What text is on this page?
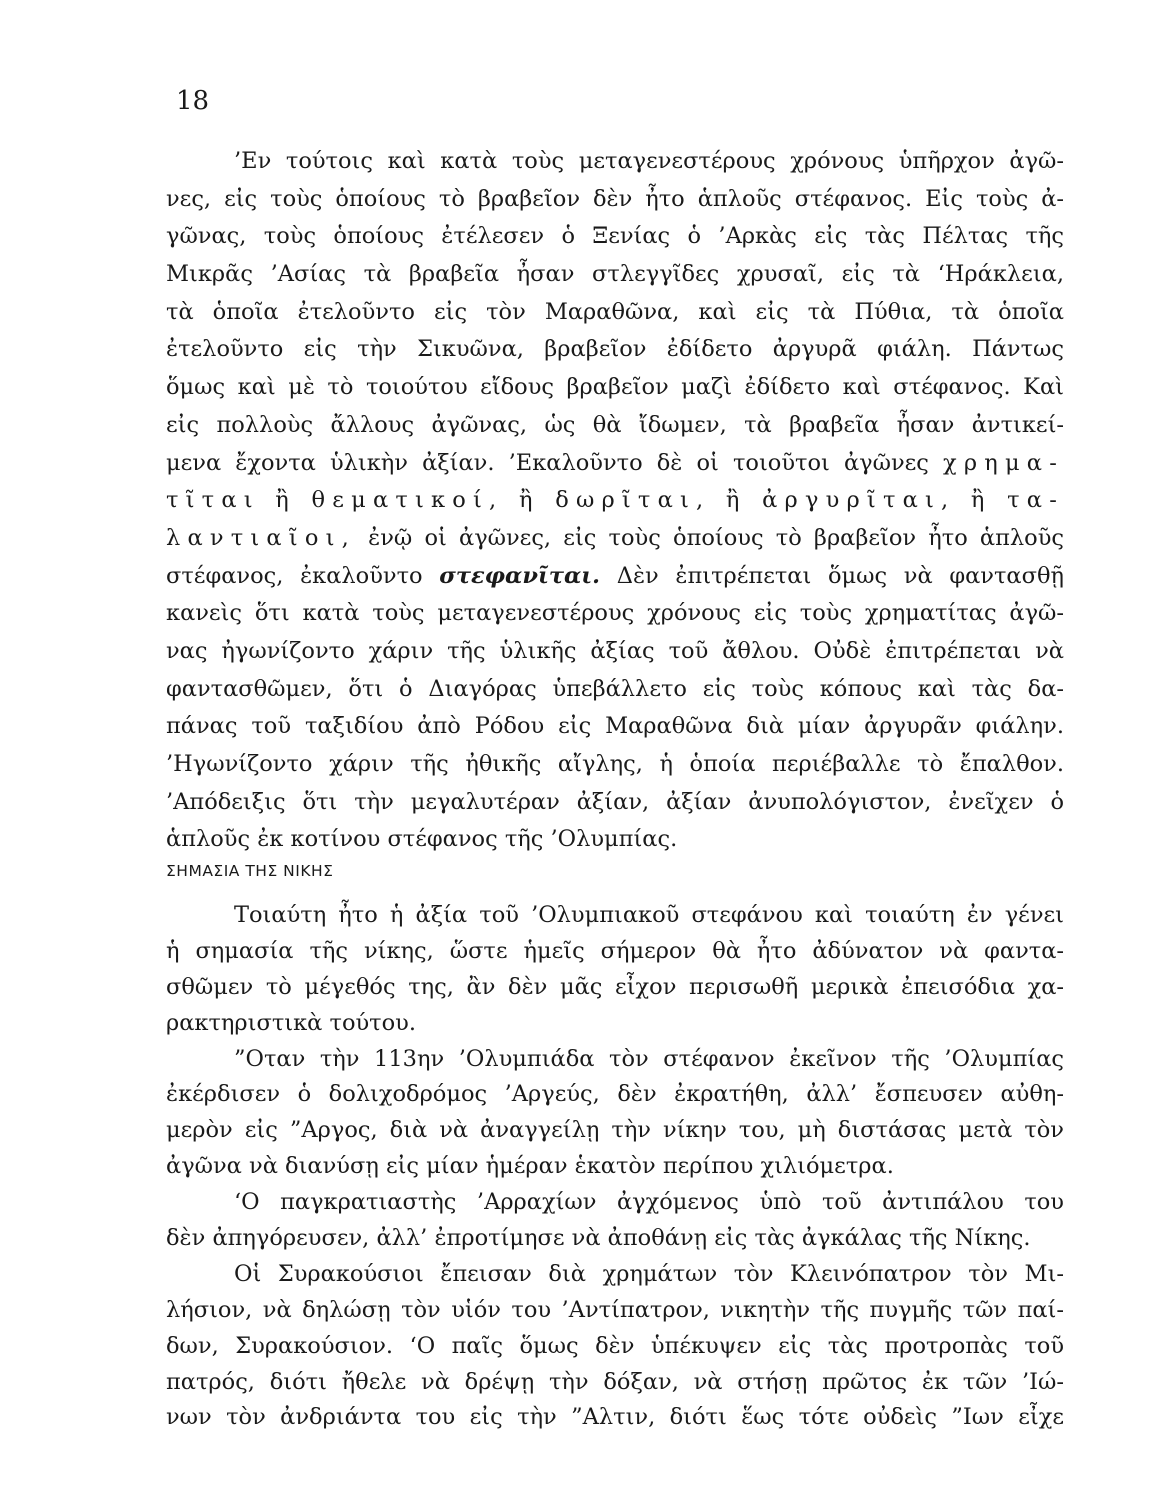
18
’Εν τούτοις καὶ κατὰ τοὺς μεταγενεστέρους χρόνους ὑπῆρχον ἀγῶ-
νες, εἰς τοὺς ὁποίους τὸ βραβεῖον δὲν ἦτο ἁπλοῦς στέφανος. Εἰς τοὺς ἀ-
γῶνας, τοὺς ὁποίους ἐτέλεσεν ὁ Ξενίας ὁ ’Αρκὰς εἰς τὰς Πέλτας τῆς
Μικρᾶς ’Ασίας τὰ βραβεῖα ἦσαν στλεγγῖδες χρυσαῖ, εἰς τὰ ‘Ηράκλεια,
τὰ ὁποῖα ἐτελοῦντο εἰς τὸν Μαραθῶνα, καὶ εἰς τὰ Πύθια, τὰ ὁποῖα
ἐτελοῦντο εἰς τὴν Σικυῶνα, βραβεῖον ἐδίδετο ἀργυρᾶ φιάλη. Πάντως
ὅμως καὶ μὲ τὸ τοιούτου εἴδους βραβεῖον μαζὶ ἐδίδετο καὶ στέφανος. Καὶ
εἰς πολλοὺς ἄλλους ἀγῶνας, ὡς θὰ ἴδωμεν, τὰ βραβεῖα ἦσαν ἀντικεί-
μενα ἔχοντα ὑλικὴν ἀξίαν. ’Εκαλοῦντο δὲ οἱ τοιοῦτοι ἀγῶνες χρημα-
τῖται ἢ θεματικοί, ἢ δωρῖται, ἢ ἀργυρῖται, ἢ τα-
λαντιαῖοι, ἐνῷ οἱ ἀγῶνες, εἰς τοὺς ὁποίους τὸ βραβεῖον ἦτο ἁπλοῦς
στέφανος, ἐκαλοῦντο στεφανῖται. Δὲν ἐπιτρέπεται ὅμως νὰ φαντασθῇ
κανεὶς ὅτι κατὰ τοὺς μεταγενεστέρους χρόνους εἰς τοὺς χρηματίτας ἀγῶ-
νας ἠγωνίζοντο χάριν τῆς ὑλικῆς ἀξίας τοῦ ἄθλου. Οὐδὲ ἐπιτρέπεται νὰ
φαντασθῶμεν, ὅτι ὁ Διαγόρας ὑπεβάλλετο εἰς τοὺς κόπους καὶ τὰς δα-
πάνας τοῦ ταξιδίου ἀπὸ Ρόδου εἰς Μαραθῶνα διὰ μίαν ἀργυρᾶν φιάλην.
’Ηγωνίζοντο χάριν τῆς ἠθικῆς αἴγλης, ἡ ὁποία περιέβαλλε τὸ ἔπαλθον.
’Απόδειξις ὅτι τὴν μεγαλυτέραν ἀξίαν, ἀξίαν ἀνυπολόγιστον, ἐνεῖχεν ὁ
ἁπλοῦς ἐκ κοτίνου στέφανος τῆς ’Ολυμπίας.
ΣΗΜΑΣΙΑ ΤΗΣ ΝΙΚΗΣ
Τοιαύτη ἦτο ἡ ἀξία τοῦ ’Ολυμπιακοῦ στεφάνου καὶ τοιαύτη ἐν γένει
ἡ σημασία τῆς νίκης, ὥστε ἡμεῖς σήμερον θὰ ἦτο ἀδύνατον νὰ φαντα-
σθῶμεν τὸ μέγεθός της, ἂν δὲν μᾶς εἶχον περισωθῆ μερικὰ ἐπεισόδια χα-
ρακτηριστικὰ τούτου.
”Οταν τὴν 113ην ’Ολυμπιάδα τὸν στέφανον ἐκεῖνον τῆς ’Ολυμπίας
ἐκέρδισεν ὁ δολιχοδρόμος ’Αργεύς, δὲν ἐκρατήθη, ἀλλ’ ἔσπευσεν αὐθη-
μερὸν εἰς ”Αργος, διὰ νὰ ἀναγγείλῃ τὴν νίκην του, μὴ διστάσας μετὰ τὸν
ἀγῶνα νὰ διανύσῃ εἰς μίαν ἡμέραν ἑκατὸν περίπου χιλιόμετρα.
‘Ο παγκρατιαστὴς ’Αρραχίων ἀγχόμενος ὑπὸ τοῦ ἀντιπάλου του
δὲν ἀπηγόρευσεν, ἀλλ’ ἐπροτίμησε νὰ ἀποθάνῃ εἰς τὰς ἀγκάλας τῆς Νίκης.
Οἱ Συρακούσιοι ἔπεισαν διὰ χρημάτων τὸν Κλεινόπατρον τὸν Μι-
λήσιον, νὰ δηλώσῃ τὸν υἱόν του ’Αντίπατρον, νικητὴν τῆς πυγμῆς τῶν παί-
δων, Συρακούσιον. ‘Ο παῖς ὅμως δὲν ὑπέκυψεν εἰς τὰς προτροπὰς τοῦ
πατρός, διότι ἤθελε νὰ δρέψῃ τὴν δόξαν, νὰ στήσῃ πρῶτος ἐκ τῶν ’Ιώ-
νων τὸν ἀνδριάντα του εἰς τὴν ”Αλτιν, διότι ἕως τότε οὐδεὶς ”Ιων εἶχε
